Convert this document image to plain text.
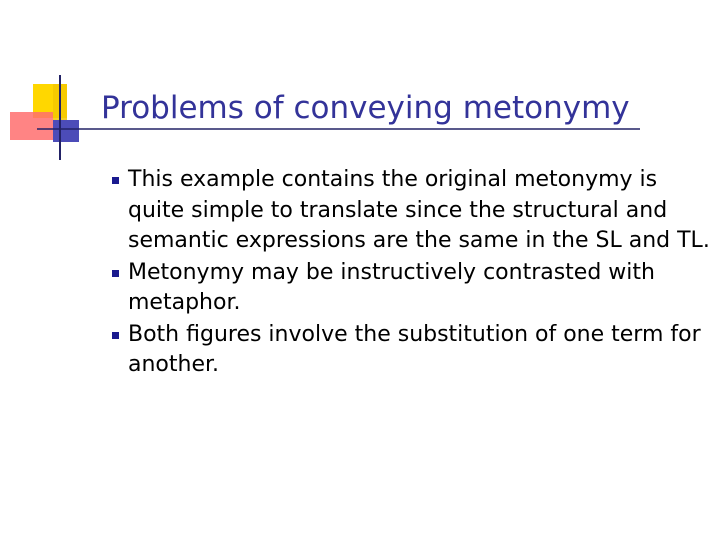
Problems of conveying metonymy
This example contains the original metonymy is quite simple to translate since the structural and semantic expressions are the same in the SL and TL.
Metonymy may be instructively contrasted with metaphor.
Both figures involve the substitution of one term for another.
